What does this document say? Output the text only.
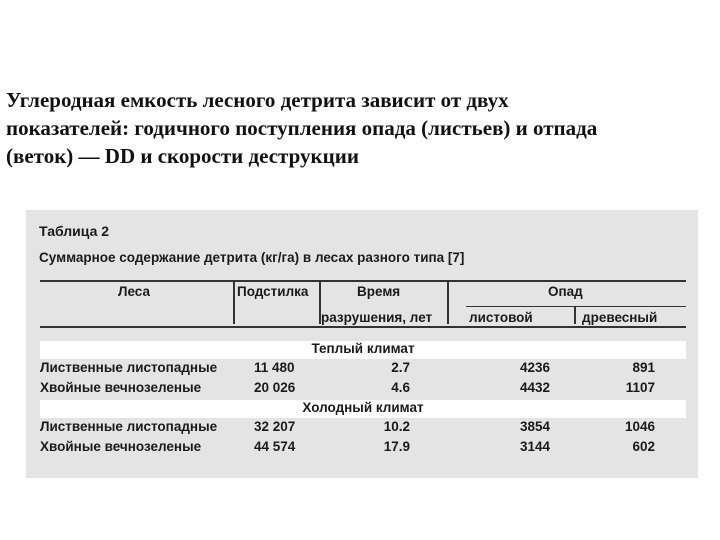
Углеродная емкость лесного детрита зависит от двух
показателей: годичного поступления опада (листьев) и отпада
(веток) — DD и скорости деструкции
Таблица 2
Суммарное содержание детрита (кг/га) в лесах разного типа [7]
Леса	Подстилка	Время
разрушения, лет
Опад
листовой	древесный
Теплый климат
Лиственные листопадные	11 480	2.7	4236	891
Хвойные вечнозеленые	20 026	4.6	4432	1107
Холодный климат
Лиственные листопадные	32 207	10.2	3854	1046
Хвойные вечнозеленые	44 574	17.9	3144	602
